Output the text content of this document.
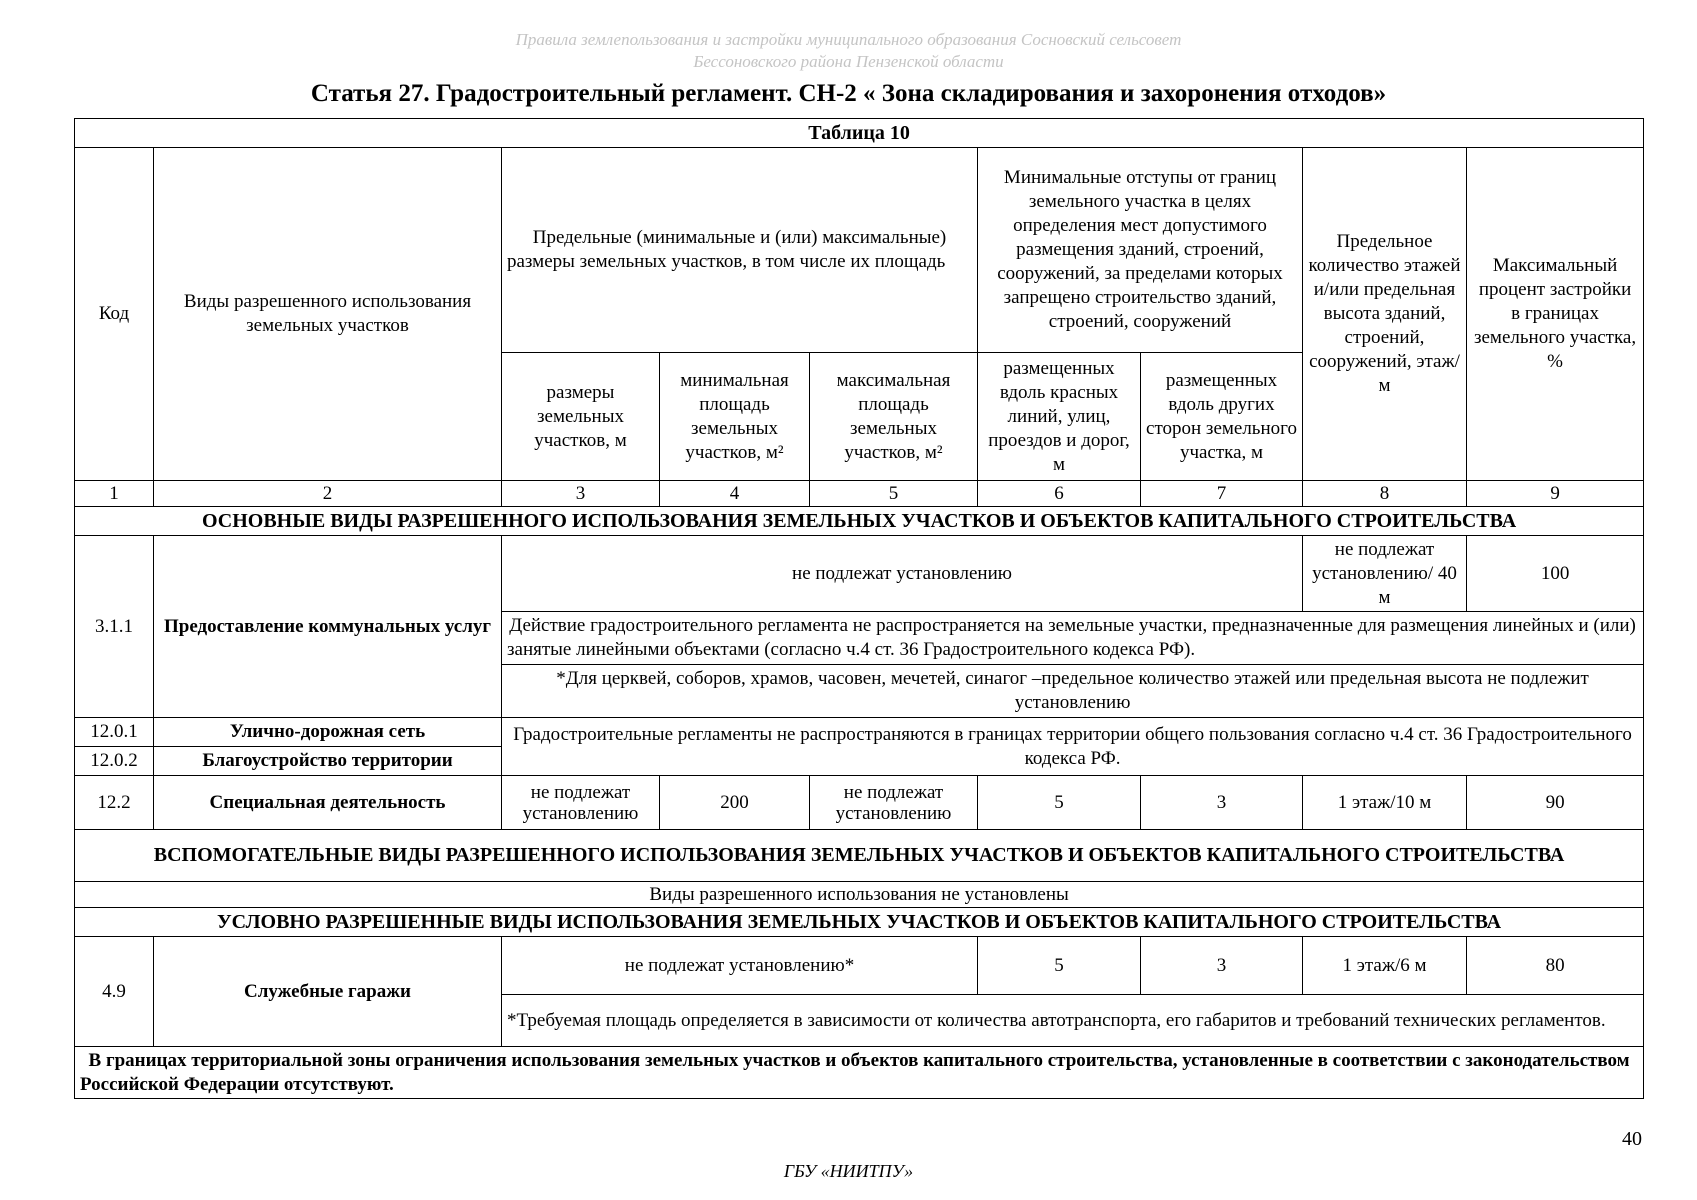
Правила землепользования и застройки муниципального образования Сосновский сельсовет
Бессоновского района Пензенской области
Статья 27. Градостроительный регламент. СН-2 « Зона складирования и захоронения отходов»
Таблица 10								
Код	Виды разрешенного использования земельных участков	Предельные (минимальные и (или) максимальные) размеры земельных участков, в том числе их площадь			Минимальные отступы от границ земельного участка в целях определения мест допустимого размещения зданий, строений, сооружений, за пределами которых запрещено строительство зданий, строений, сооружений		Предельное количество этажей и/или предельная высота зданий, строений, сооружений, этаж/м	Максимальный процент застройки в границах земельного участка, %
		размеры земельных участков, м	минимальная площадь земельных участков, м²	максимальная площадь земельных участков, м²	размещенных вдоль красных линий, улиц, проездов и дорог, м	размещенных вдоль других сторон земельного участка, м		
1	2	3	4	5	6	7	8	9
ОСНОВНЫЕ ВИДЫ РАЗРЕШЕННОГО ИСПОЛЬЗОВАНИЯ ЗЕМЕЛЬНЫХ УЧАСТКОВ И ОБЪЕКТОВ КАПИТАЛЬНОГО СТРОИТЕЛЬСТВА								
3.1.1	Предоставление коммунальных услуг	не подлежат установлению					не подлежат установлению/ 40 м	100
		Действие градостроительного регламента не распространяется на земельные участки, предназначенные для размещения линейных и (или) занятые линейными объектами (согласно ч.4 ст. 36 Градостроительного кодекса РФ).						
		*Для церквей, соборов, храмов, часовен, мечетей, синагог –предельное количество этажей или предельная высота не подлежит установлению						
12.0.1	Улично-дорожная сеть	Градостроительные регламенты не распространяются в границах территории общего пользования согласно ч.4 ст. 36 Градостроительного кодекса РФ.						
12.0.2	Благоустройство территории							
12.2	Специальная деятельность	не подлежат установлению	200	не подлежат установлению	5	3	1 этаж/10 м	90
ВСПОМОГАТЕЛЬНЫЕ ВИДЫ РАЗРЕШЕННОГО ИСПОЛЬЗОВАНИЯ ЗЕМЕЛЬНЫХ УЧАСТКОВ И ОБЪЕКТОВ КАПИТАЛЬНОГО СТРОИТЕЛЬСТВА								
Виды разрешенного использования не установлены								
УСЛОВНО РАЗРЕШЕННЫЕ ВИДЫ ИСПОЛЬЗОВАНИЯ ЗЕМЕЛЬНЫХ УЧАСТКОВ И ОБЪЕКТОВ КАПИТАЛЬНОГО СТРОИТЕЛЬСТВА								
4.9	Служебные гаражи	не подлежат установлению*			5	3	1 этаж/6 м	80
		*Требуемая площадь определяется в зависимости от количества автотранспорта, его габаритов и требований технических регламентов.						
В границах территориальной зоны ограничения использования земельных участков и объектов капитального строительства, установленные в соответствии с законодательством Российской Федерации отсутствуют.								
40
ГБУ «НИИТПУ»
